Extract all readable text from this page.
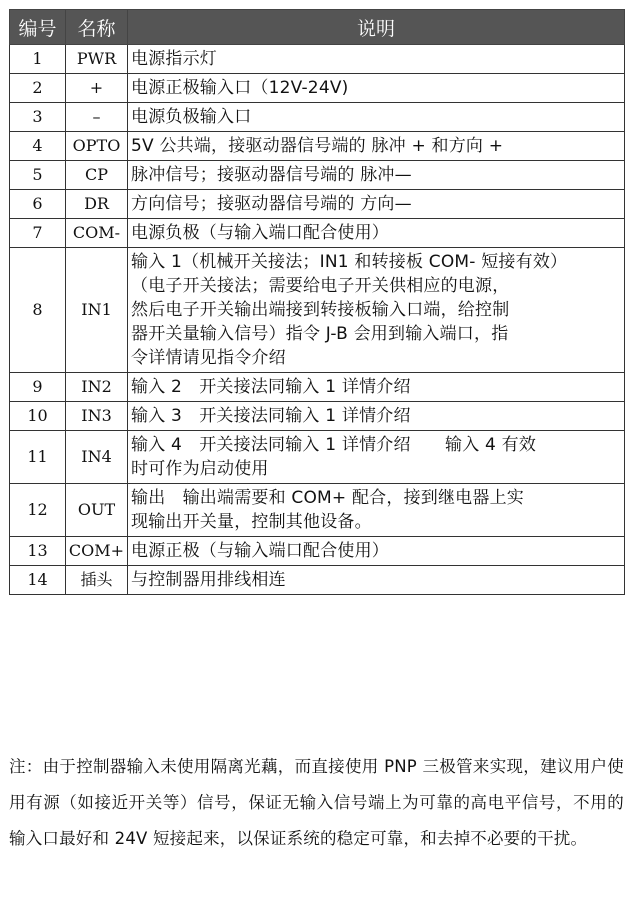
编号	名称	说明
1	PWR	电源指示灯
2	+	电源正极输入口（12V-24V)
3	–	电源负极输入口
4	OPTO	5V 公共端，接驱动器信号端的 脉冲 + 和方向 +
5	CP	脉冲信号；接驱动器信号端的 脉冲—
6	DR	方向信号；接驱动器信号端的 方向—
7	COM-	电源负极（与输入端口配合使用）
8	IN1	输入 1（机械开关接法；IN1 和转接板 COM- 短接有效）
（电子开关接法；需要给电子开关供相应的电源，
然后电子开关输出端接到转接板输入口端，给控制
器开关量输入信号）指令 J-B 会用到输入端口，指
令详情请见指令介绍
9	IN2	输入 2　开关接法同输入 1 详情介绍
10	IN3	输入 3　开关接法同输入 1 详情介绍
11	IN4	输入 4　开关接法同输入 1 详情介绍　　输入 4 有效
时可作为启动使用
12	OUT	输出　输出端需要和 COM+ 配合，接到继电器上实
现输出开关量，控制其他设备。
13	COM+	电源正极（与输入端口配合使用）
14	插头	与控制器用排线相连

注：由于控制器输入未使用隔离光藕，而直接使用 PNP 三极管来实现，建议用户使用有源（如接近开关等）信号，保证无输入信号端上为可靠的高电平信号，不用的输入口最好和 24V 短接起来，以保证系统的稳定可靠，和去掉不必要的干扰。
